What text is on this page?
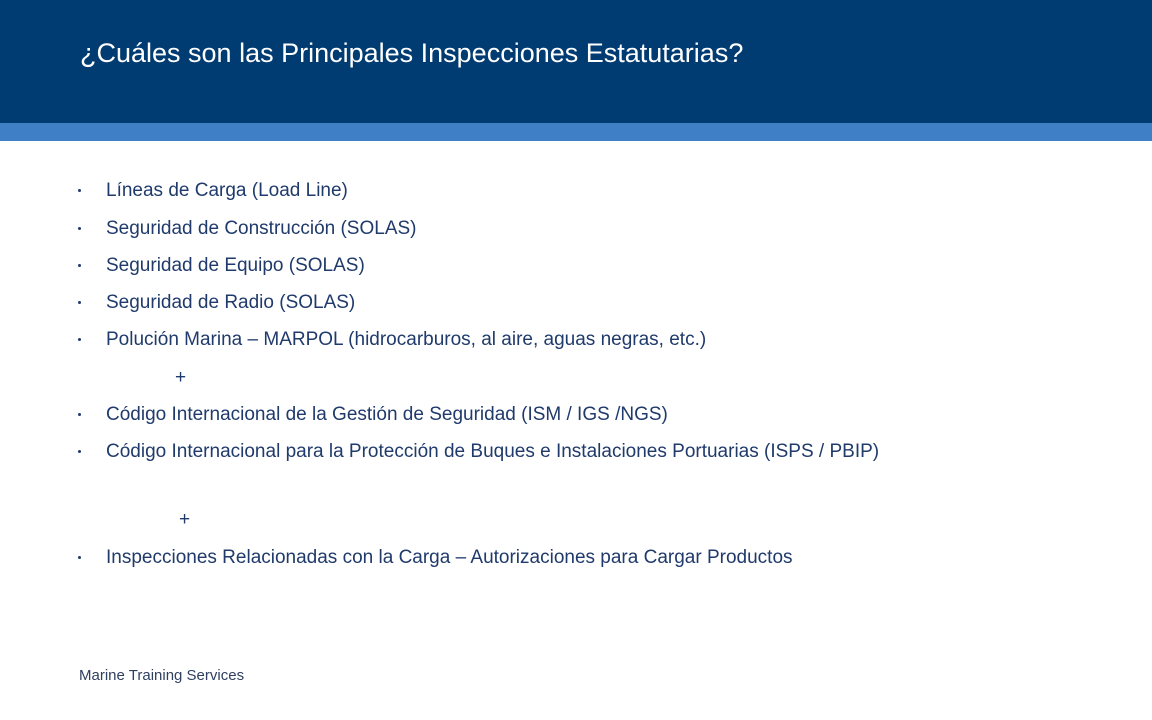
¿Cuáles son las Principales Inspecciones Estatutarias?
Líneas de Carga (Load Line)
Seguridad de Construcción (SOLAS)
Seguridad de Equipo (SOLAS)
Seguridad de Radio (SOLAS)
Polución Marina – MARPOL (hidrocarburos, al aire, aguas negras, etc.)
+
Código Internacional de la Gestión de Seguridad (ISM / IGS /NGS)
Código Internacional para la Protección de Buques e Instalaciones Portuarias (ISPS / PBIP)
+
Inspecciones Relacionadas con la Carga – Autorizaciones para Cargar Productos
Marine Training Services
